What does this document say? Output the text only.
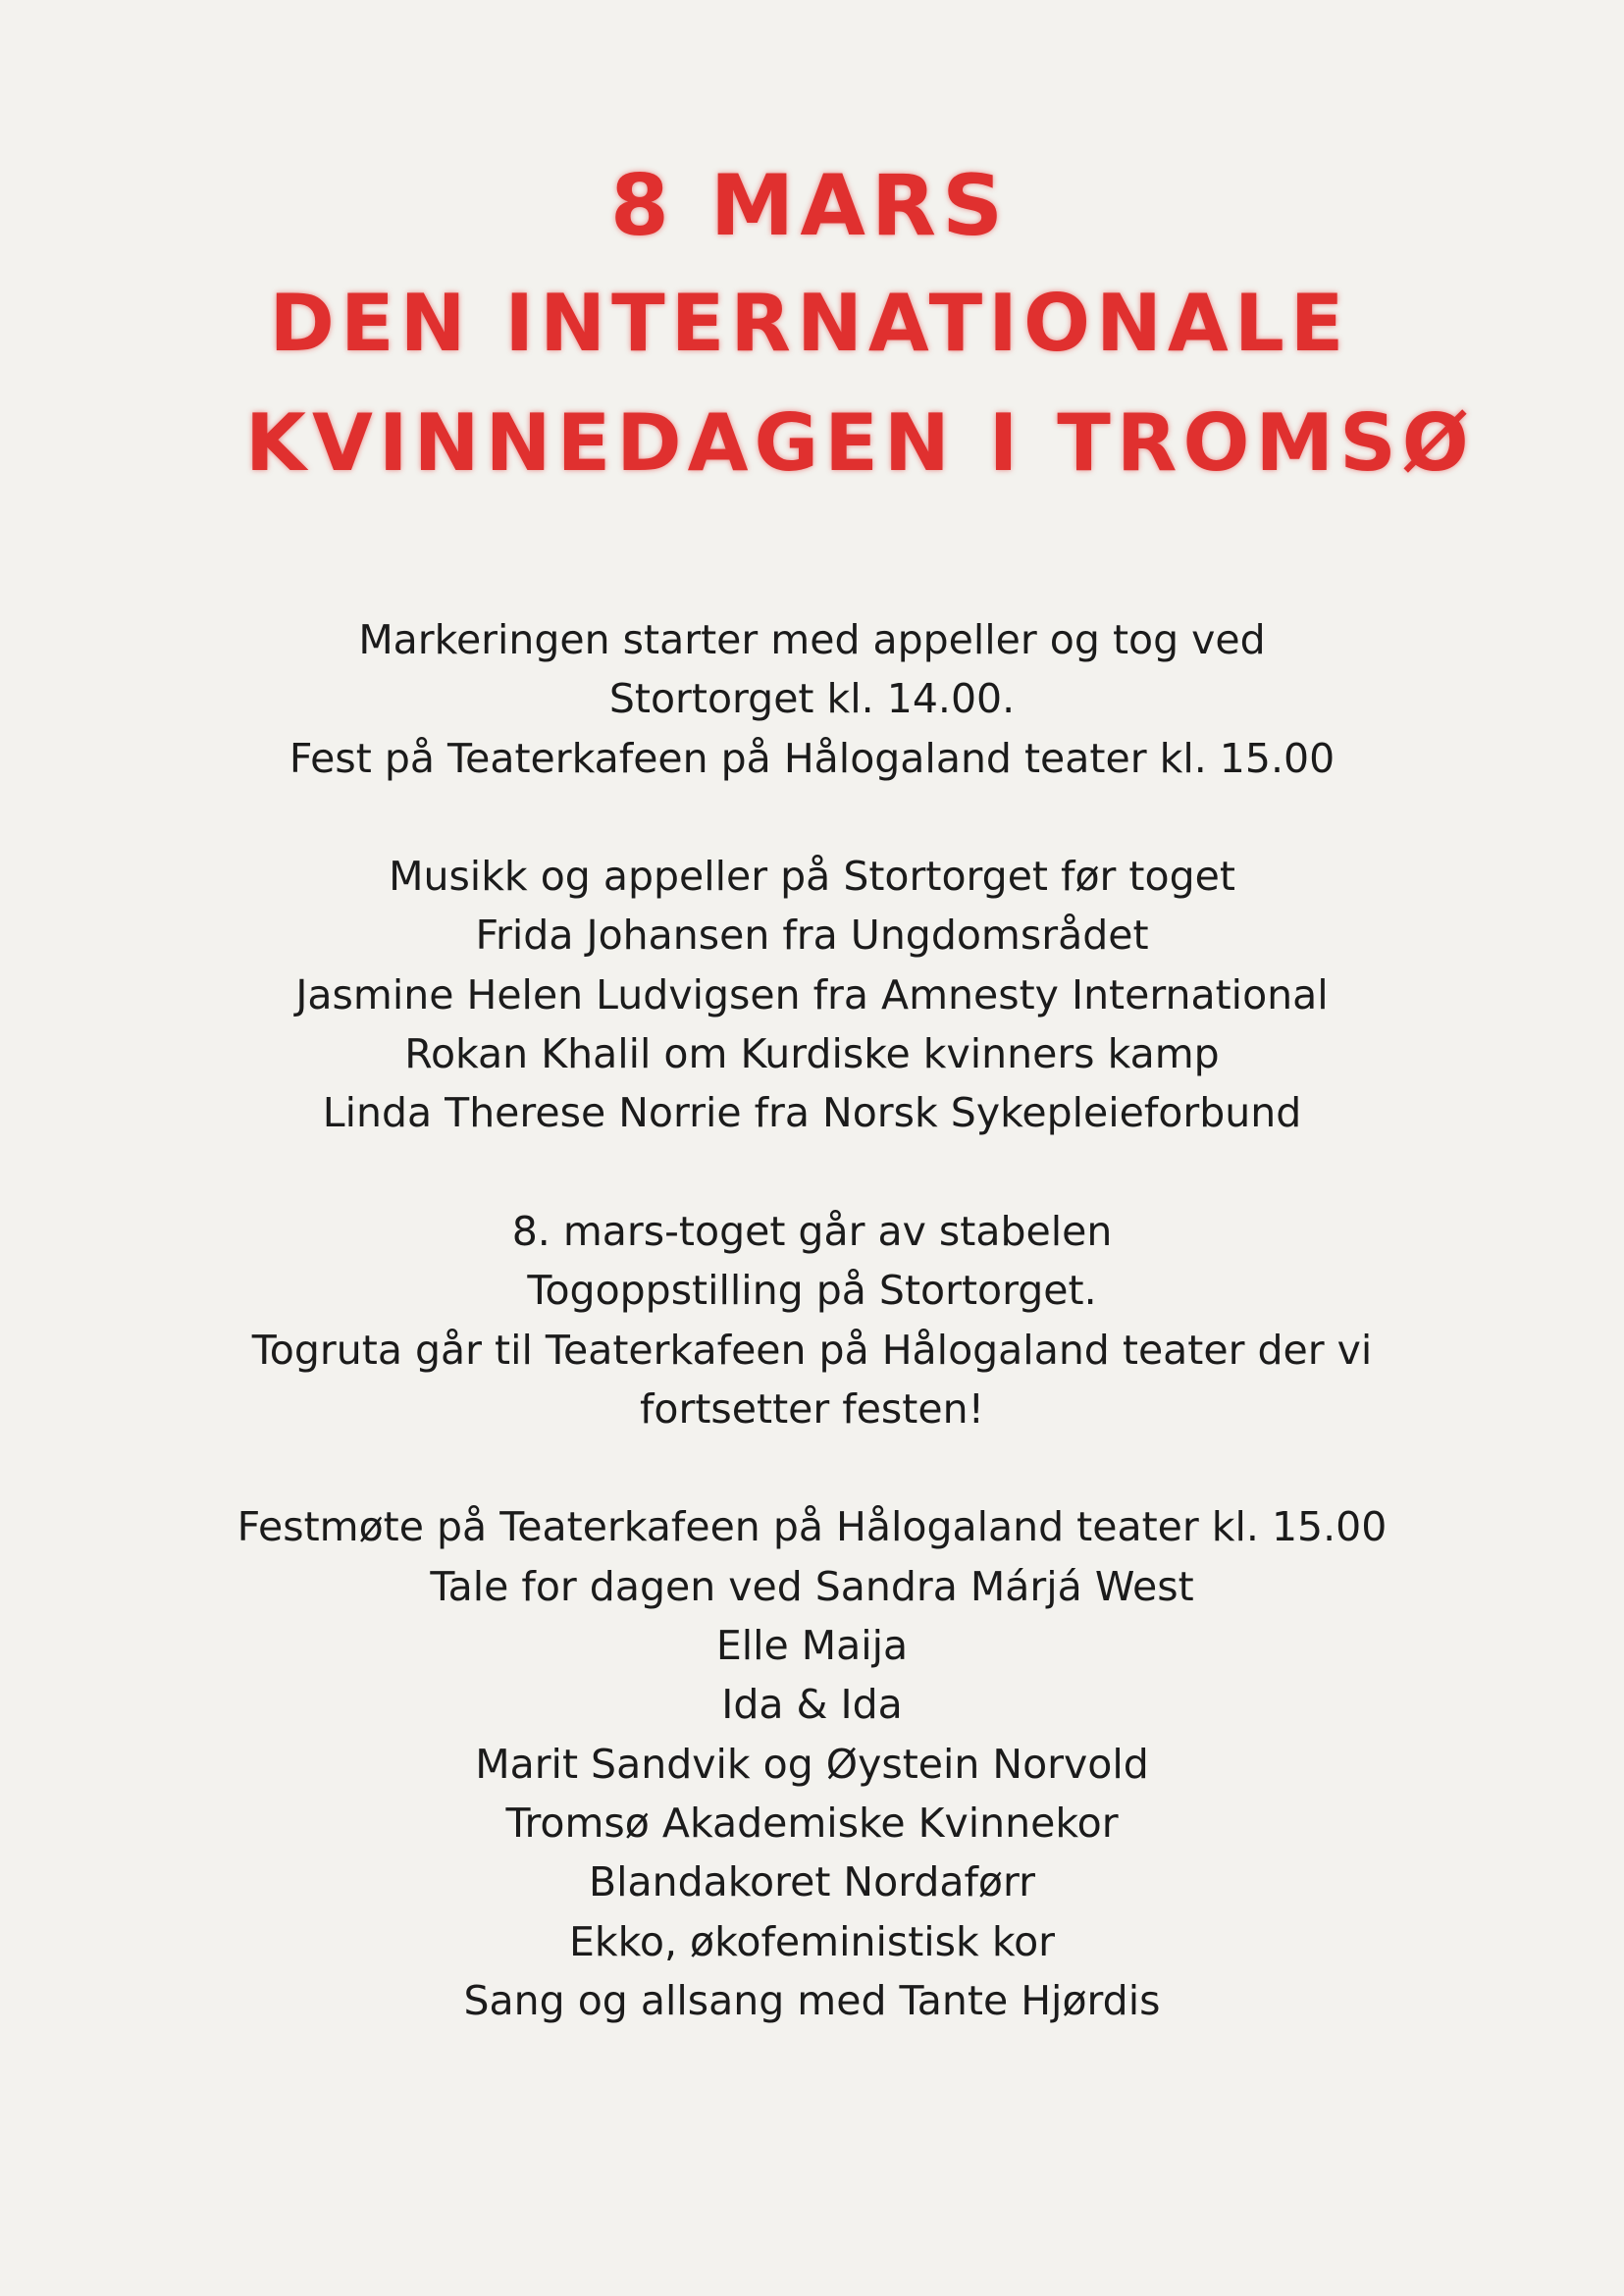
8 MARS
DEN INTERNATIONALE
KVINNEDAGEN I TROMSØ
Markeringen starter med appeller og tog ved
Stortorget kl. 14.00.
Fest på Teaterkafeen på Hålogaland teater kl. 15.00
Musikk og appeller på Stortorget før toget
Frida Johansen fra Ungdomsrådet
Jasmine Helen Ludvigsen fra Amnesty International
Rokan Khalil om Kurdiske kvinners kamp
Linda Therese Norrie fra Norsk Sykepleieforbund
8. mars-toget går av stabelen
Togoppstilling på Stortorget.
Togruta går til Teaterkafeen på Hålogaland teater der vi
fortsetter festen!
Festmøte på Teaterkafeen på Hålogaland teater kl. 15.00
Tale for dagen ved Sandra Márjá West
Elle Maija
Ida & Ida
Marit Sandvik og Øystein Norvold
Tromsø Akademiske Kvinnekor
Blandakoret Nordaførr
Ekko, økofeministisk kor
Sang og allsang med Tante Hjørdis
